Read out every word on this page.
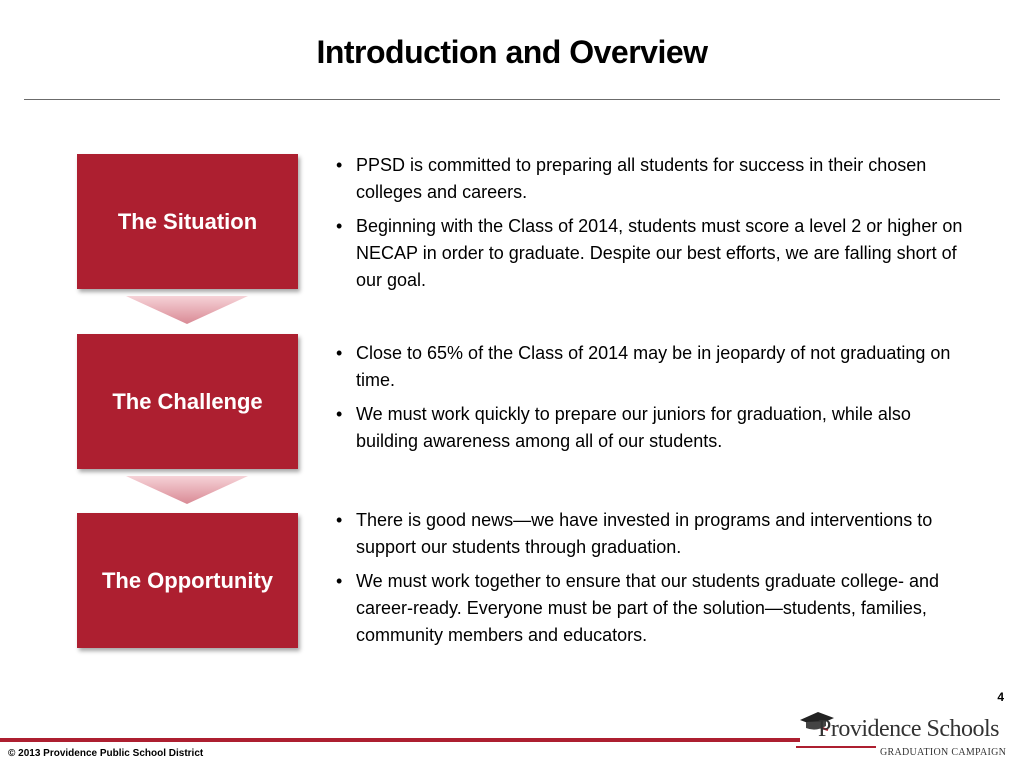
Introduction and Overview
The Situation
The Challenge
The Opportunity
• PPSD is committed to preparing all students for success in their chosen colleges and careers.
• Beginning with the Class of 2014, students must score a level 2 or higher on NECAP in order to graduate. Despite our best efforts, we are falling short of our goal.
• Close to 65% of the Class of 2014 may be in jeopardy of not graduating on time.
• We must work quickly to prepare our juniors for graduation, while also building awareness among all of our students.
• There is good news—we have invested in programs and interventions to support our students through graduation.
• We must work together to ensure that our students graduate college- and career-ready. Everyone must be part of the solution—students, families, community members and educators.
4
© 2013 Providence Public School District
Providence Schools
GRADUATION CAMPAIGN
